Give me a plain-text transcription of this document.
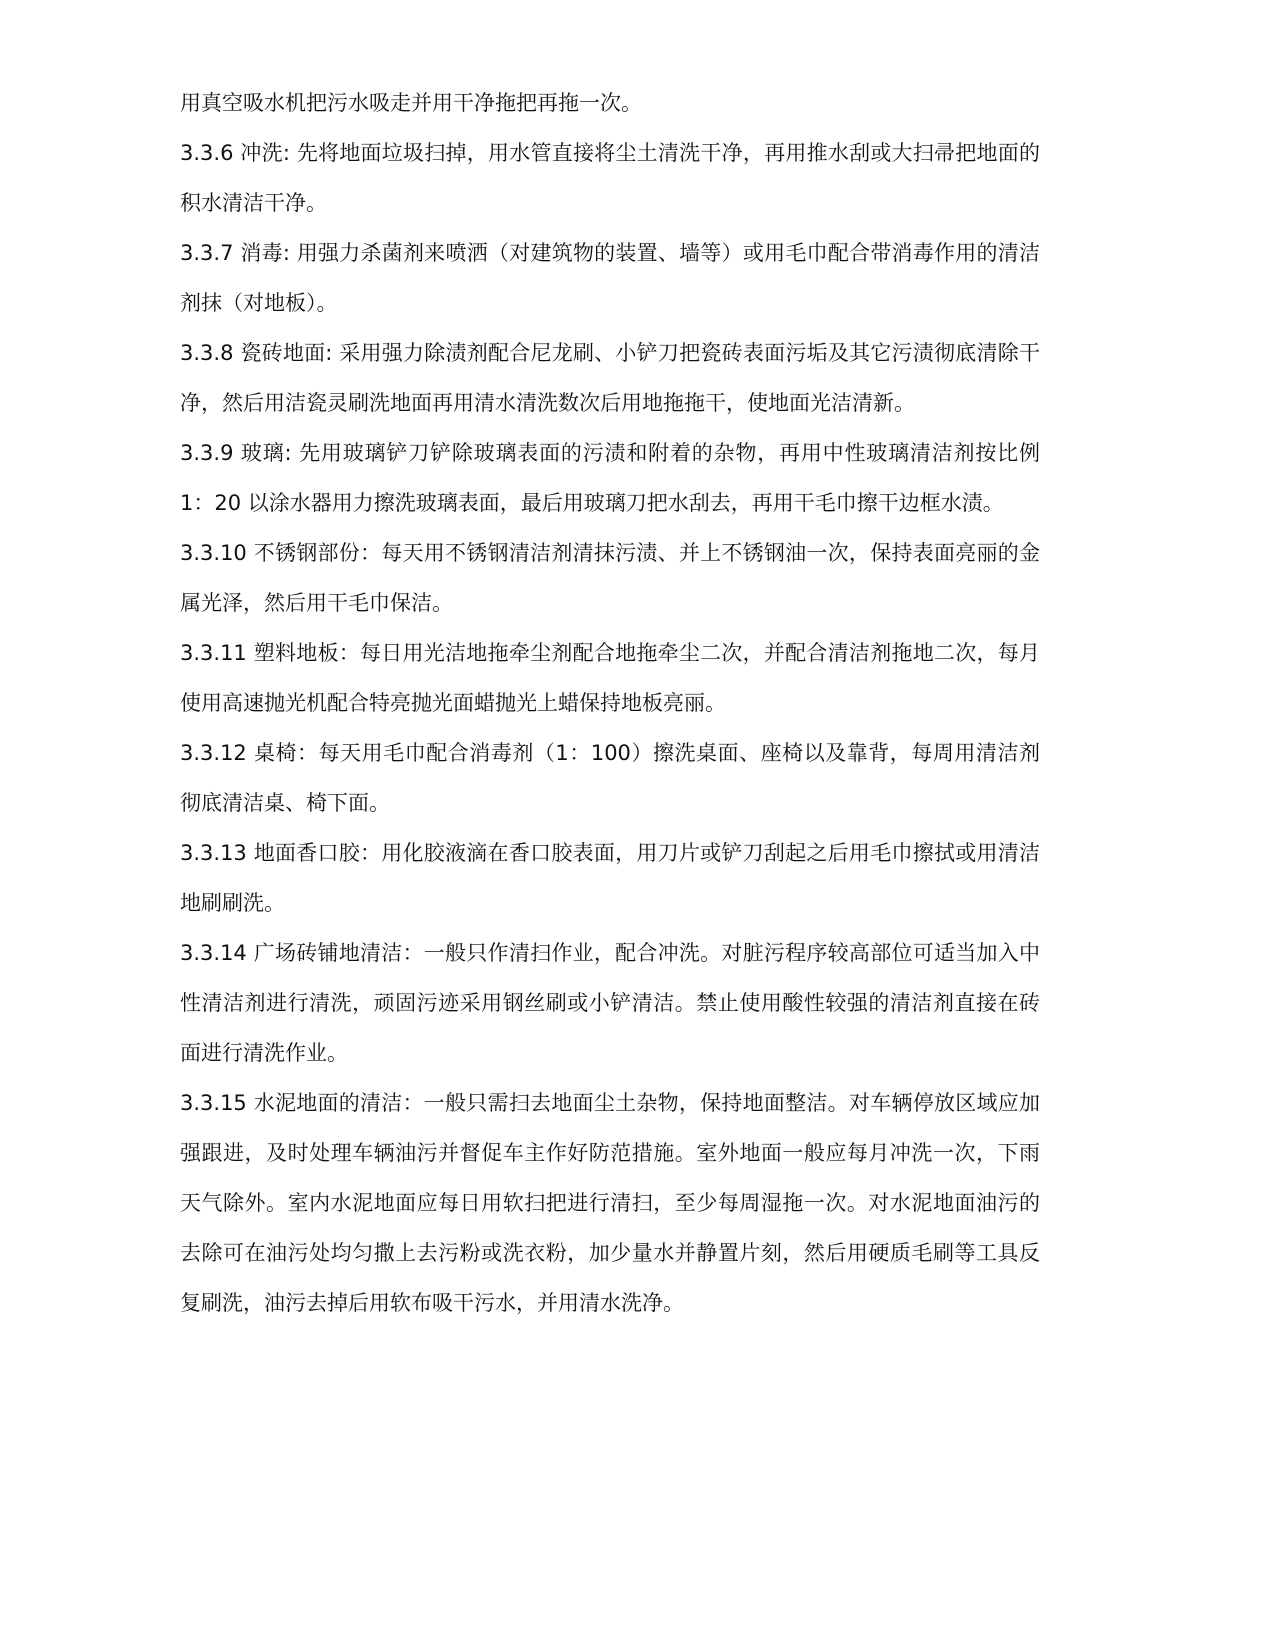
用真空吸水机把污水吸走并用干净拖把再拖一次。

3.3.6 冲洗: 先将地面垃圾扫掉，用水管直接将尘土清洗干净，再用推水刮或大扫帚把地面的积水清洁干净。

3.3.7 消毒: 用强力杀菌剂来喷洒（对建筑物的装置、墙等）或用毛巾配合带消毒作用的清洁剂抹（对地板）。

3.3.8 瓷砖地面: 采用强力除渍剂配合尼龙刷、小铲刀把瓷砖表面污垢及其它污渍彻底清除干净，然后用洁瓷灵刷洗地面再用清水清洗数次后用地拖拖干，使地面光洁清新。

3.3.9 玻璃: 先用玻璃铲刀铲除玻璃表面的污渍和附着的杂物，再用中性玻璃清洁剂按比例 1：20 以涂水器用力擦洗玻璃表面，最后用玻璃刀把水刮去，再用干毛巾擦干边框水渍。

3.3.10 不锈钢部份：每天用不锈钢清洁剂清抹污渍、并上不锈钢油一次，保持表面亮丽的金属光泽，然后用干毛巾保洁。

3.3.11 塑料地板：每日用光洁地拖牵尘剂配合地拖牵尘二次，并配合清洁剂拖地二次，每月使用高速抛光机配合特亮抛光面蜡抛光上蜡保持地板亮丽。

3.3.12 桌椅：每天用毛巾配合消毒剂（1：100）擦洗桌面、座椅以及靠背，每周用清洁剂彻底清洁桌、椅下面。

3.3.13 地面香口胶：用化胶液滴在香口胶表面，用刀片或铲刀刮起之后用毛巾擦拭或用清洁地刷刷洗。

3.3.14 广场砖铺地清洁：一般只作清扫作业，配合冲洗。对脏污程序较高部位可适当加入中性清洁剂进行清洗，顽固污迹采用钢丝刷或小铲清洁。禁止使用酸性较强的清洁剂直接在砖面进行清洗作业。

3.3.15 水泥地面的清洁：一般只需扫去地面尘土杂物，保持地面整洁。对车辆停放区域应加强跟进，及时处理车辆油污并督促车主作好防范措施。室外地面一般应每月冲洗一次，下雨天气除外。室内水泥地面应每日用软扫把进行清扫，至少每周湿拖一次。对水泥地面油污的去除可在油污处均匀撒上去污粉或洗衣粉，加少量水并静置片刻，然后用硬质毛刷等工具反复刷洗，油污去掉后用软布吸干污水，并用清水洗净。
